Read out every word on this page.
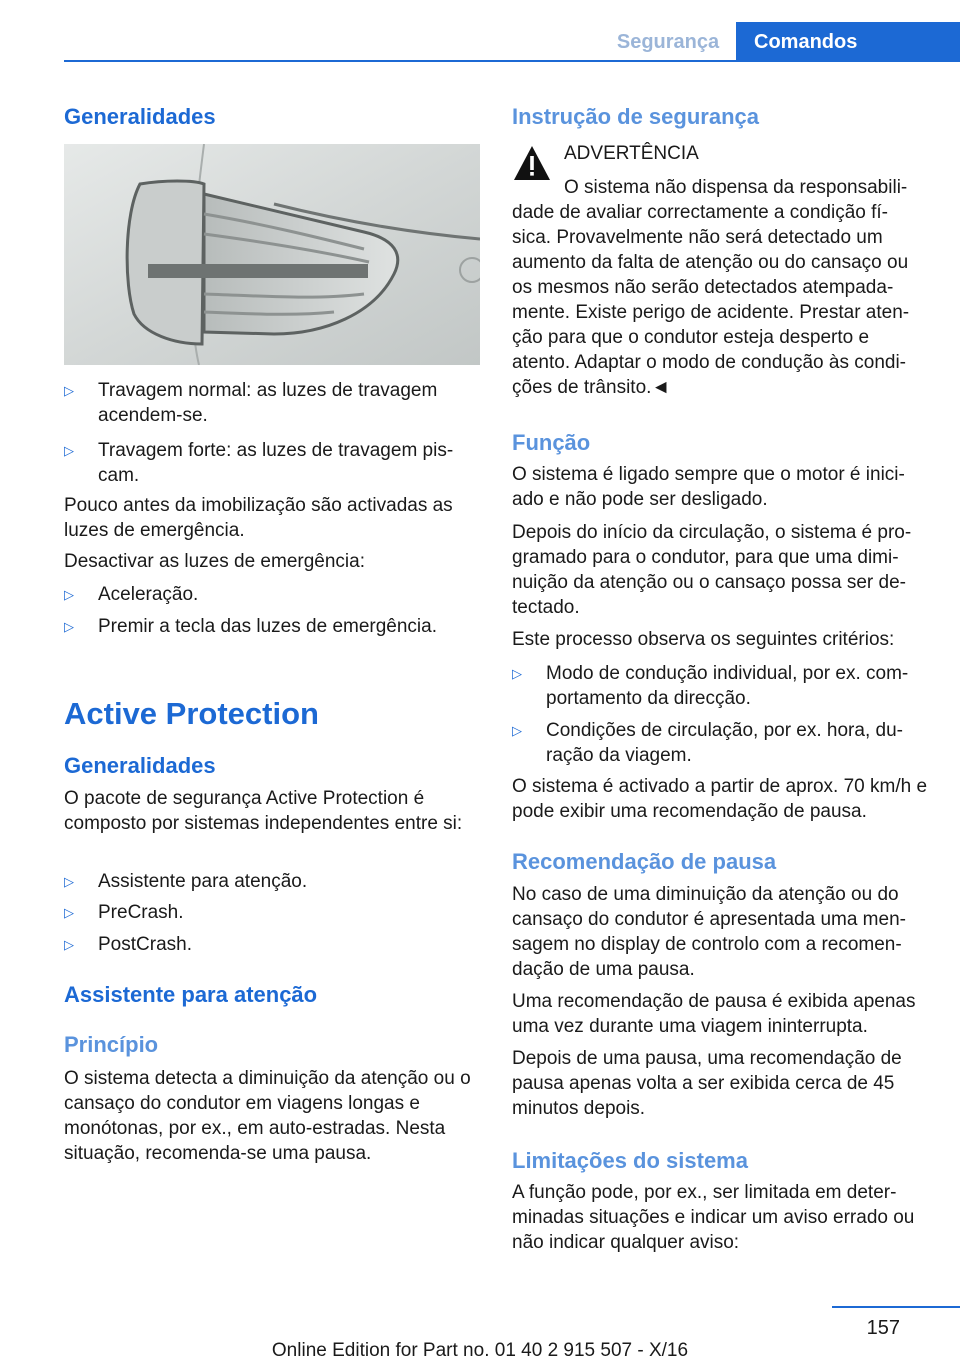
Segurança	Comandos
Generalidades
▷ Travagem normal: as luzes de travagem acendem-se.
▷ Travagem forte: as luzes de travagem pis‐ cam.
Pouco antes da imobilização são activadas as luzes de emergência.
Desactivar as luzes de emergência:
▷ Aceleração.
▷ Premir a tecla das luzes de emergência.
Active Protection
Generalidades
O pacote de segurança Active Protection é composto por sistemas independentes entre si:
▷ Assistente para atenção.
▷ PreCrash.
▷ PostCrash.
Assistente para atenção
Princípio
O sistema detecta a diminuição da atenção ou o cansaço do condutor em viagens longas e monótonas, por ex., em auto-estradas. Nesta situação, recomenda-se uma pausa.
Instrução de segurança
ADVERTÊNCIA
O sistema não dispensa da responsabili‐ dade de avaliar correctamente a condição fí‐ sica. Provavelmente não será detectado um aumento da falta de atenção ou do cansaço ou os mesmos não serão detectados atempada‐ mente. Existe perigo de acidente. Prestar aten‐ ção para que o condutor esteja desperto e atento. Adaptar o modo de condução às condi‐ ções de trânsito.◄
Função
O sistema é ligado sempre que o motor é inici‐ ado e não pode ser desligado.
Depois do início da circulação, o sistema é pro‐ gramado para o condutor, para que uma dimi‐ nuição da atenção ou o cansaço possa ser de‐ tectado.
Este processo observa os seguintes critérios:
▷ Modo de condução individual, por ex. com‐ portamento da direcção.
▷ Condições de circulação, por ex. hora, du‐ ração da viagem.
O sistema é activado a partir de aprox. 70 km/h e pode exibir uma recomendação de pausa.
Recomendação de pausa
No caso de uma diminuição da atenção ou do cansaço do condutor é apresentada uma men‐ sagem no display de controlo com a recomen‐ dação de uma pausa.
Uma recomendação de pausa é exibida apenas uma vez durante uma viagem ininterrupta.
Depois de uma pausa, uma recomendação de pausa apenas volta a ser exibida cerca de 45 minutos depois.
Limitações do sistema
A função pode, por ex., ser limitada em deter‐ minadas situações e indicar um aviso errado ou não indicar qualquer aviso:
157
Online Edition for Part no. 01 40 2 915 507 - X/16
